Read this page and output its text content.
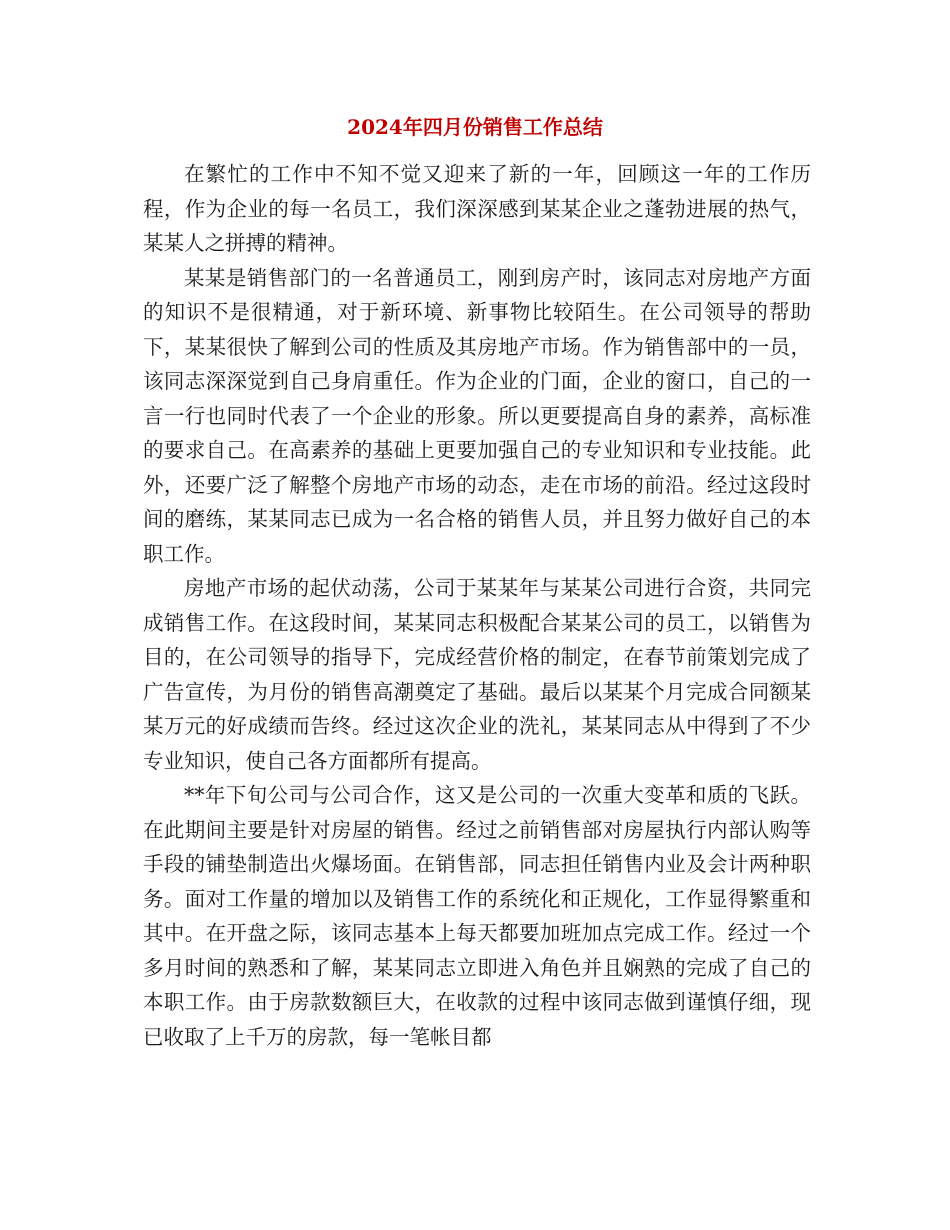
2024年四月份销售工作总结

在繁忙的工作中不知不觉又迎来了新的一年，回顾这一年的工作历程，作为企业的每一名员工，我们深深感到某某企业之蓬勃进展的热气，某某人之拼搏的精神。

某某是销售部门的一名普通员工，刚到房产时，该同志对房地产方面的知识不是很精通，对于新环境、新事物比较陌生。在公司领导的帮助下，某某很快了解到公司的性质及其房地产市场。作为销售部中的一员，该同志深深觉到自己身肩重任。作为企业的门面，企业的窗口，自己的一言一行也同时代表了一个企业的形象。所以更要提高自身的素养，高标准的要求自己。在高素养的基础上更要加强自己的专业知识和专业技能。此外，还要广泛了解整个房地产市场的动态，走在市场的前沿。经过这段时间的磨练，某某同志已成为一名合格的销售人员，并且努力做好自己的本职工作。

房地产市场的起伏动荡，公司于某某年与某某公司进行合资，共同完成销售工作。在这段时间，某某同志积极配合某某公司的员工，以销售为目的，在公司领导的指导下，完成经营价格的制定，在春节前策划完成了广告宣传，为月份的销售高潮奠定了基础。最后以某某个月完成合同额某某万元的好成绩而告终。经过这次企业的洗礼，某某同志从中得到了不少专业知识，使自己各方面都所有提高。

**年下旬公司与公司合作，这又是公司的一次重大变革和质的飞跃。在此期间主要是针对房屋的销售。经过之前销售部对房屋执行内部认购等手段的铺垫制造出火爆场面。在销售部，同志担任销售内业及会计两种职务。面对工作量的增加以及销售工作的系统化和正规化，工作显得繁重和其中。在开盘之际，该同志基本上每天都要加班加点完成工作。经过一个多月时间的熟悉和了解，某某同志立即进入角色并且娴熟的完成了自己的本职工作。由于房款数额巨大，在收款的过程中该同志做到谨慎仔细，现已收取了上千万的房款，每一笔帐目都
